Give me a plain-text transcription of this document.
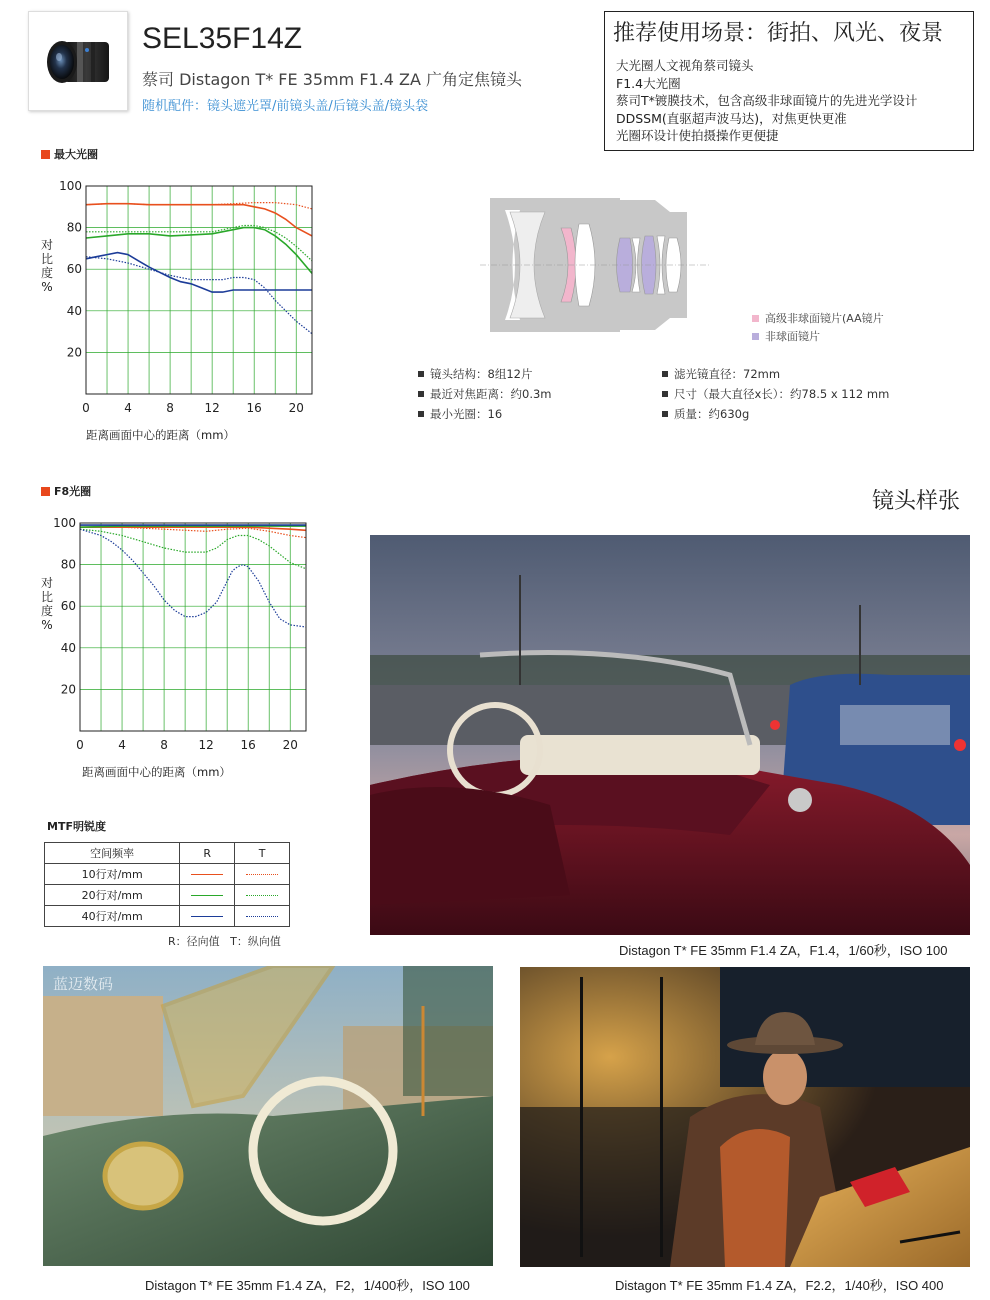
SEL35F14Z
蔡司 Distagon T* FE 35mm F1.4 ZA 广角定焦镜头
随机配件：镜头遮光罩/前镜头盖/后镜头盖/镜头袋
推荐使用场景：街拍、风光、夜景
大光圈人文视角蔡司镜头
F1.4大光圈
蔡司T*镀膜技术，包含高级非球面镜片的先进光学设计
DDSSM(直驱超声波马达)，对焦更快更准
光圈环设计使拍摄操作更便捷
最大光圈
对
比
度
%
0	4	8	12 16 20
100
80
60
40
20
距离画面中心的距离（mm）
高级非球面镜片(AA镜片
非球面镜片
镜头结构：8组12片
最近对焦距离：约0.3m
最小光圈：16
滤光镜直径：72mm
尺寸（最大直径x长）：约78.5 x 112 mm
质量：约630g
F8光圈
对
比
度
%
0	4	8	12 16 20
100
80
60
40
20
距离画面中心的距离（mm）
MTF明锐度
空间频率	R	T
10行对/mm	

20行对/mm	

40行对/mm	

R：径向值   T：纵向值
镜头样张
Distagon T* FE 35mm F1.4 ZA，F1.4，1/60秒，ISO 100
蓝迈数码
Distagon T* FE 35mm F1.4 ZA，F2，1/400秒，ISO 100	Distagon T* FE 35mm F1.4 ZA，F2.2，1/40秒，ISO 400
